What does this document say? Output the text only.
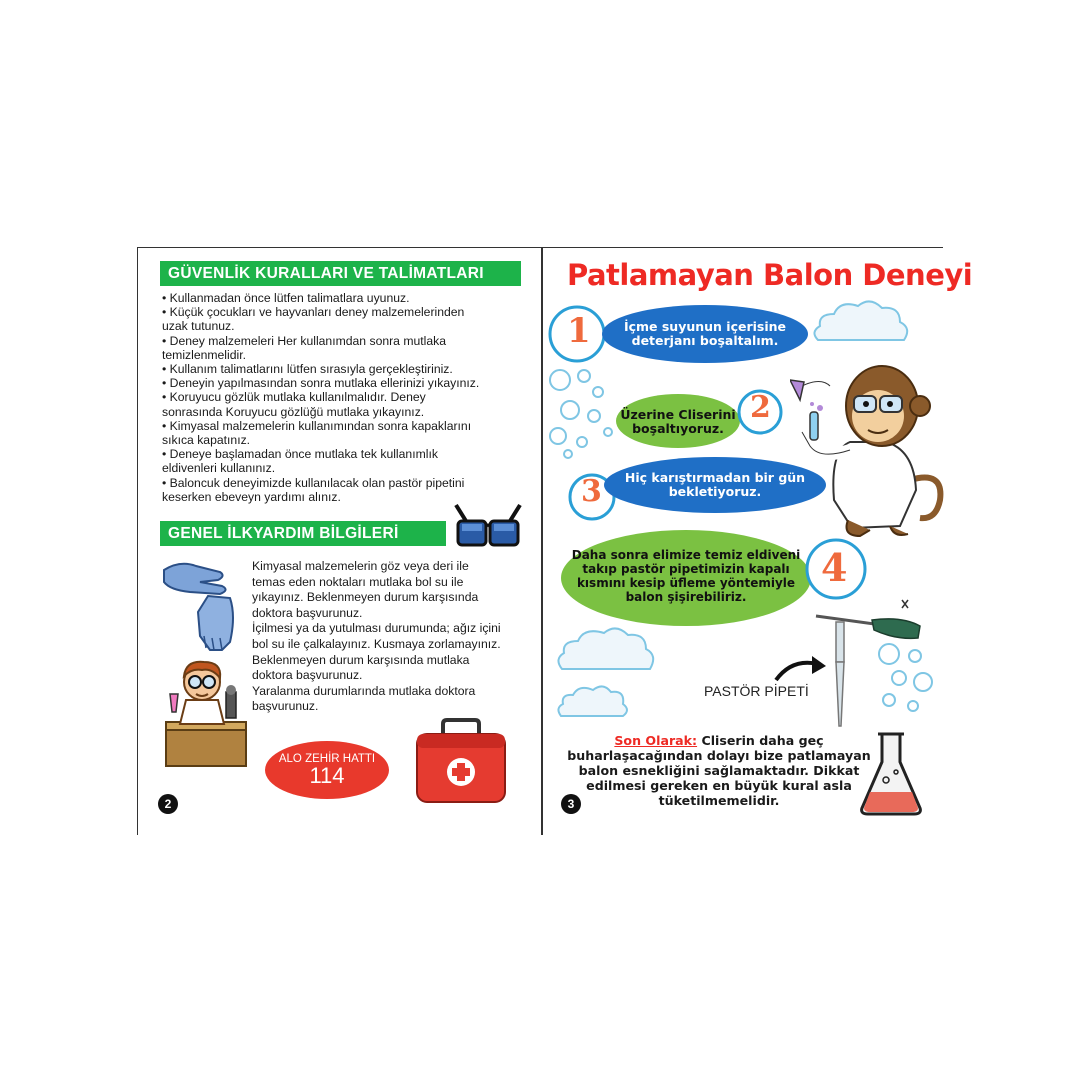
GÜVENLİK KURALLARI VE TALİMATLARI
• Kullanmadan önce lütfen talimatlara uyunuz.
• Küçük çocukları ve hayvanları deney malzemelerinden
uzak tutunuz.
• Deney malzemeleri Her kullanımdan sonra mutlaka
temizlenmelidir.
• Kullanım talimatlarını lütfen sırasıyla gerçekleştiriniz.
• Deneyin yapılmasından sonra mutlaka ellerinizi yıkayınız.
• Koruyucu gözlük mutlaka kullanılmalıdır. Deney
sonrasında Koruyucu gözlüğü mutlaka yıkayınız.
• Kimyasal malzemelerin kullanımından sonra kapaklarını
sıkıca kapatınız.
• Deneye başlamadan önce mutlaka tek kullanımlık
eldivenleri kullanınız.
• Baloncuk deneyimizde kullanılacak olan pastör pipetini
keserken ebeveyn yardımı alınız.
GENEL İLKYARDIM BİLGİLERİ
Kimyasal malzemelerin göz veya deri ile
temas eden noktaları mutlaka bol su ile
yıkayınız. Beklenmeyen durum karşısında
doktora başvurunuz.
İçilmesi ya da yutulması durumunda; ağız içini
bol su ile çalkalayınız. Kusmaya zorlamayınız.
Beklenmeyen durum karşısında mutlaka
doktora başvurunuz.
Yaralanma durumlarında mutlaka doktora
başvurunuz.
ALO ZEHİR HATTI
114
2
Patlamayan Balon Deneyi
1	İçme suyunun içerisine
deterjanı boşaltalım.
Üzerine Cliserini
boşaltıyoruz.
2
3	Hiç karıştırmadan bir gün
bekletiyoruz.
Daha sonra elimize temiz eldiveni
takıp pastör pipetimizin kapalı
kısmını kesip üfleme yöntemiyle
balon şişirebiliriz.
4
PASTÖR PİPETİ
Son Olarak: Cliserin daha geç buharlaşacağından dolayı bize patlamayan balon esnekliğini sağlamaktadır. Dikkat edilmesi gereken en büyük kural asla tüketilmemelidir.
3
